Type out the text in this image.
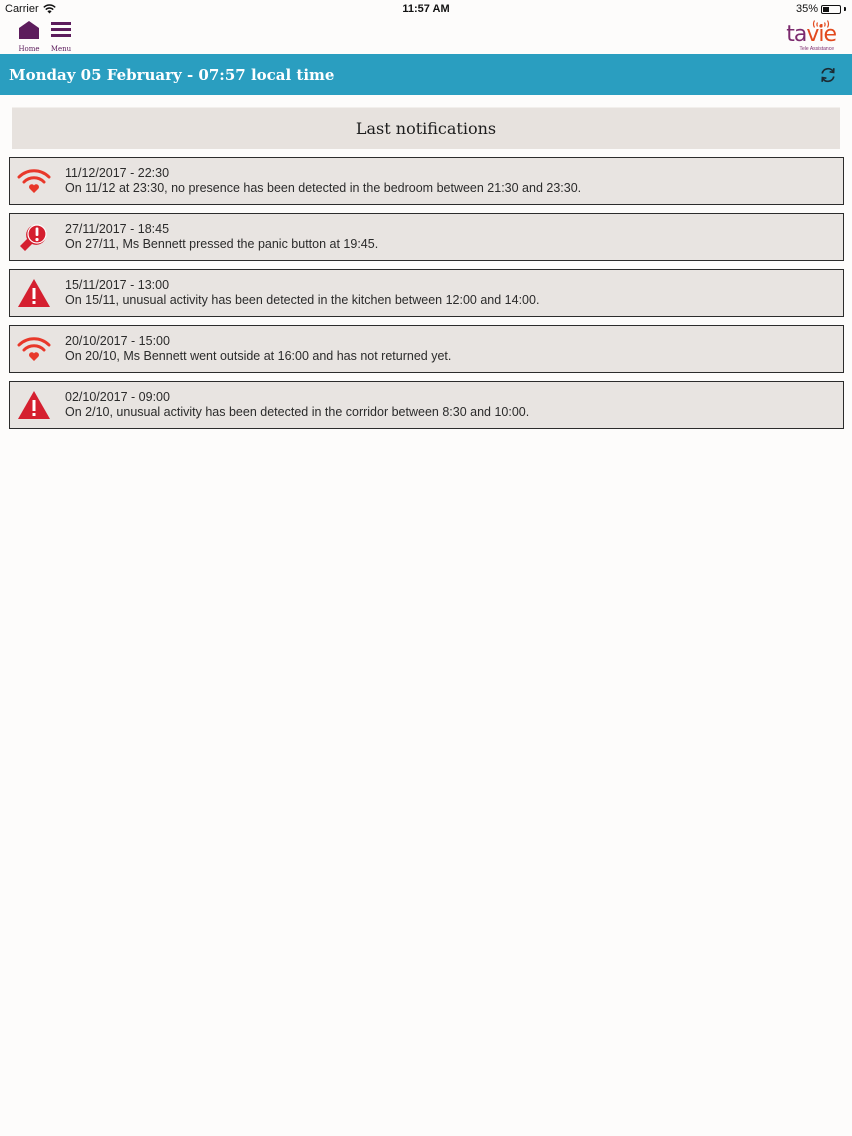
Carrier	11:57 AM	35%
Home	Menu
tavie
Tele Assistance
Monday 05 February - 07:57 local time
Last notifications
11/12/2017 - 22:30
On 11/12 at 23:30, no presence has been detected in the bedroom between 21:30 and 23:30.
27/11/2017 - 18:45
On 27/11, Ms Bennett pressed the panic button at 19:45.
15/11/2017 - 13:00
On 15/11, unusual activity has been detected in the kitchen between 12:00 and 14:00.
20/10/2017 - 15:00
On 20/10, Ms Bennett went outside at 16:00 and has not returned yet.
02/10/2017 - 09:00
On 2/10, unusual activity has been detected in the corridor between 8:30 and 10:00.
